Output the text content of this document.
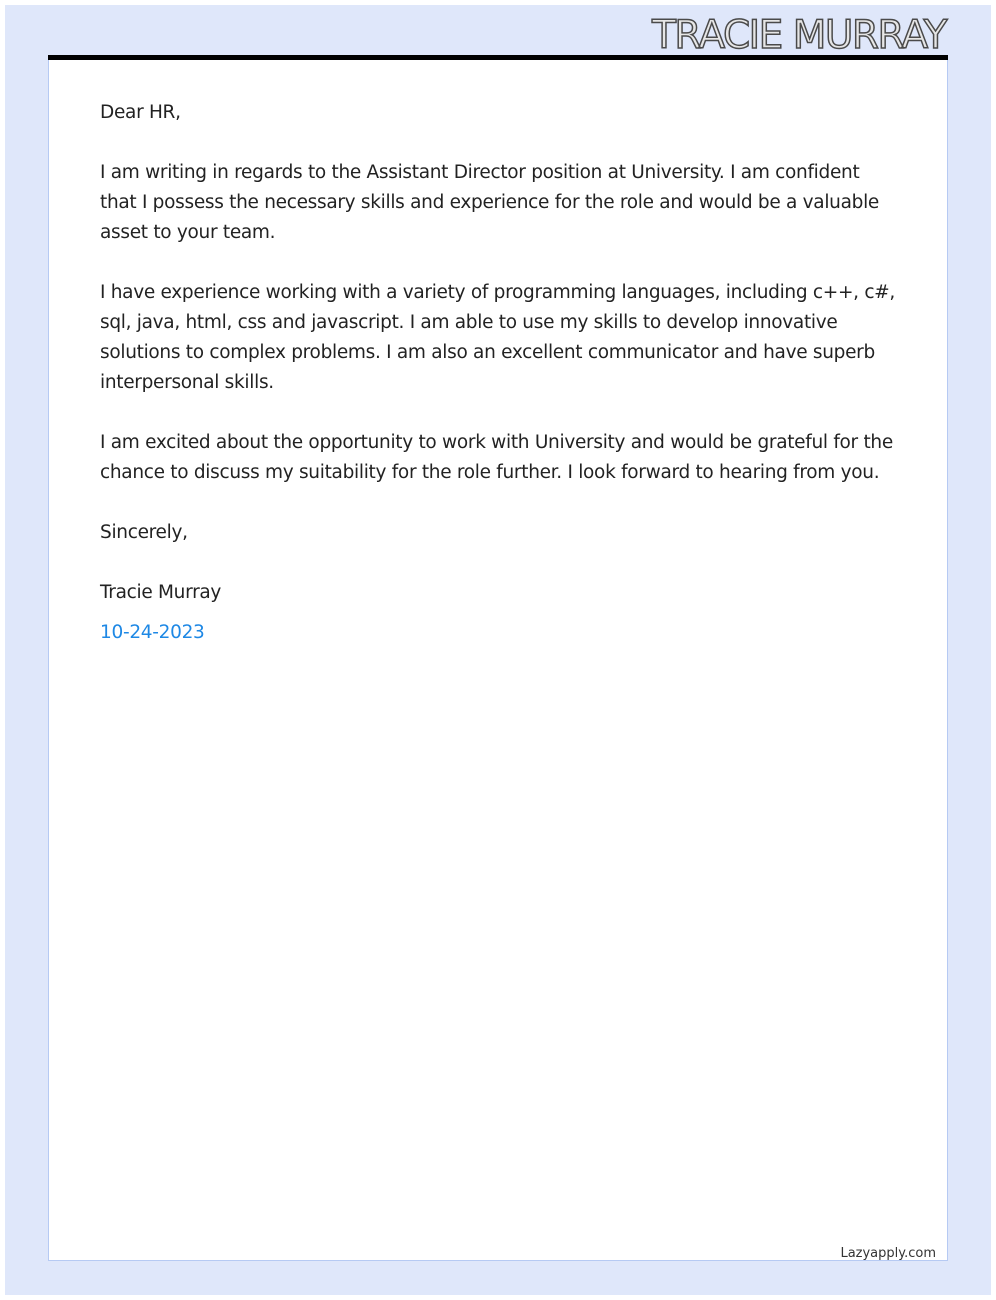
TRACIE MURRAY

Dear HR,

I am writing in regards to the Assistant Director position at University. I am confident that I possess the necessary skills and experience for the role and would be a valuable asset to your team.

I have experience working with a variety of programming languages, including c++, c#, sql, java, html, css and javascript. I am able to use my skills to develop innovative solutions to complex problems. I am also an excellent communicator and have superb interpersonal skills.

I am excited about the opportunity to work with University and would be grateful for the chance to discuss my suitability for the role further. I look forward to hearing from you.

Sincerely,

Tracie Murray

10-24-2023

Lazyapply.com
